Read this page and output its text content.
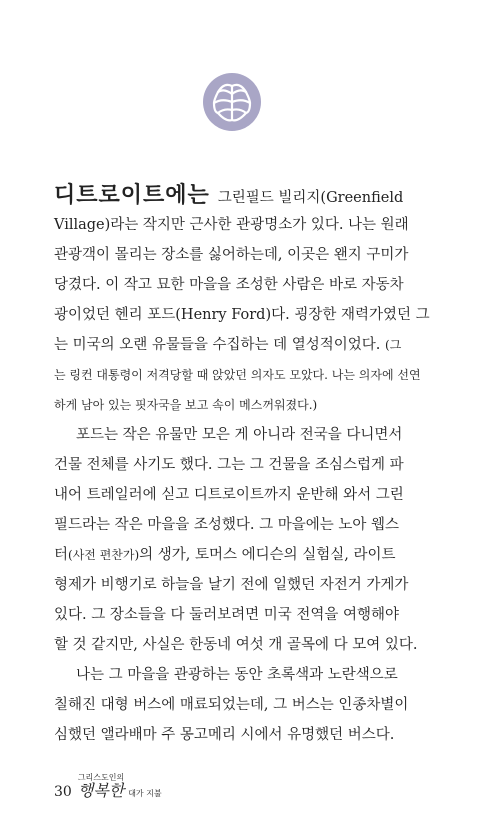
디트로이트에는 그린필드 빌리지(Greenfield
Village)라는 작지만 근사한 관광명소가 있다. 나는 원래
관광객이 몰리는 장소를 싫어하는데, 이곳은 왠지 구미가
당겼다. 이 작고 묘한 마을을 조성한 사람은 바로 자동차
광이었던 헨리 포드(Henry Ford)다. 굉장한 재력가였던 그
는 미국의 오랜 유물들을 수집하는 데 열성적이었다. (그
는 링컨 대통령이 저격당할 때 앉았던 의자도 모았다. 나는 의자에 선연
하게 남아 있는 핏자국을 보고 속이 메스꺼워졌다.)
포드는 작은 유물만 모은 게 아니라 전국을 다니면서
건물 전체를 사기도 했다. 그는 그 건물을 조심스럽게 파
내어 트레일러에 싣고 디트로이트까지 운반해 와서 그린
필드라는 작은 마을을 조성했다. 그 마을에는 노아 웹스
터(사전 편찬가)의 생가, 토머스 에디슨의 실험실, 라이트
형제가 비행기로 하늘을 날기 전에 일했던 자전거 가게가
있다. 그 장소들을 다 둘러보려면 미국 전역을 여행해야
할 것 같지만, 사실은 한동네 여섯 개 골목에 다 모여 있다.
나는 그 마을을 관광하는 동안 초록색과 노란색으로
칠해진 대형 버스에 매료되었는데, 그 버스는 인종차별이
심했던 앨라배마 주 몽고메리 시에서 유명했던 버스다.
30
그리스도인의
행복한 대가 지불
